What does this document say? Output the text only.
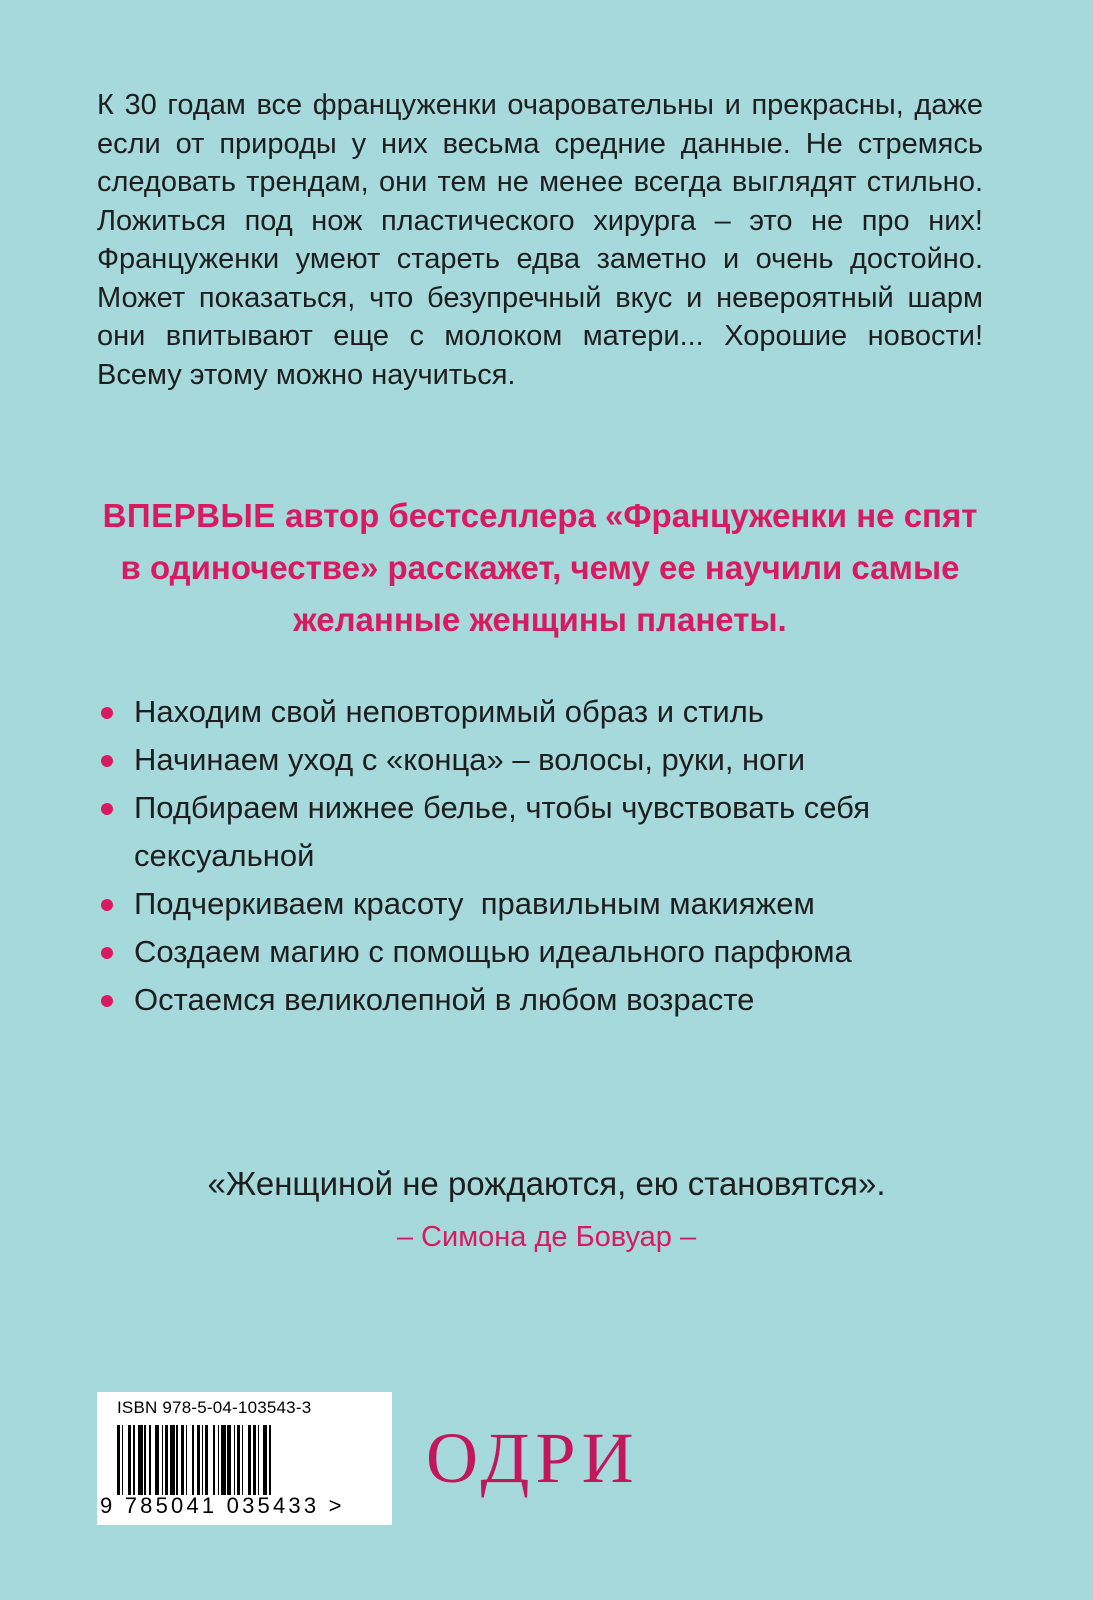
К 30 годам все француженки очаровательны и прекрасны, даже если от природы у них весьма средние данные. Не стремясь следовать трендам, они тем не менее всегда выглядят стильно. Ложиться под нож пластического хирурга – это не про них! Француженки умеют стареть едва заметно и очень достойно. Может показаться, что безупречный вкус и невероятный шарм они впитывают еще с молоком матери... Хорошие новости! Всему этому можно научиться.

ВПЕРВЫЕ автор бестселлера «Француженки не спят в одиночестве» расскажет, чему ее научили самые желанные женщины планеты.

Находим свой неповторимый образ и стиль
Начинаем уход с «конца» – волосы, руки, ноги
Подбираем нижнее белье, чтобы чувствовать себя сексуальной
Подчеркиваем красоту  правильным макияжем
Создаем магию с помощью идеального парфюма
Остаемся великолепной в любом возрасте

«Женщиной не рождаются, ею становятся».

– Симона де Бовуар –

ISBN 978-5-04-103543-3
9 785041 035433 >
ОДРИ
